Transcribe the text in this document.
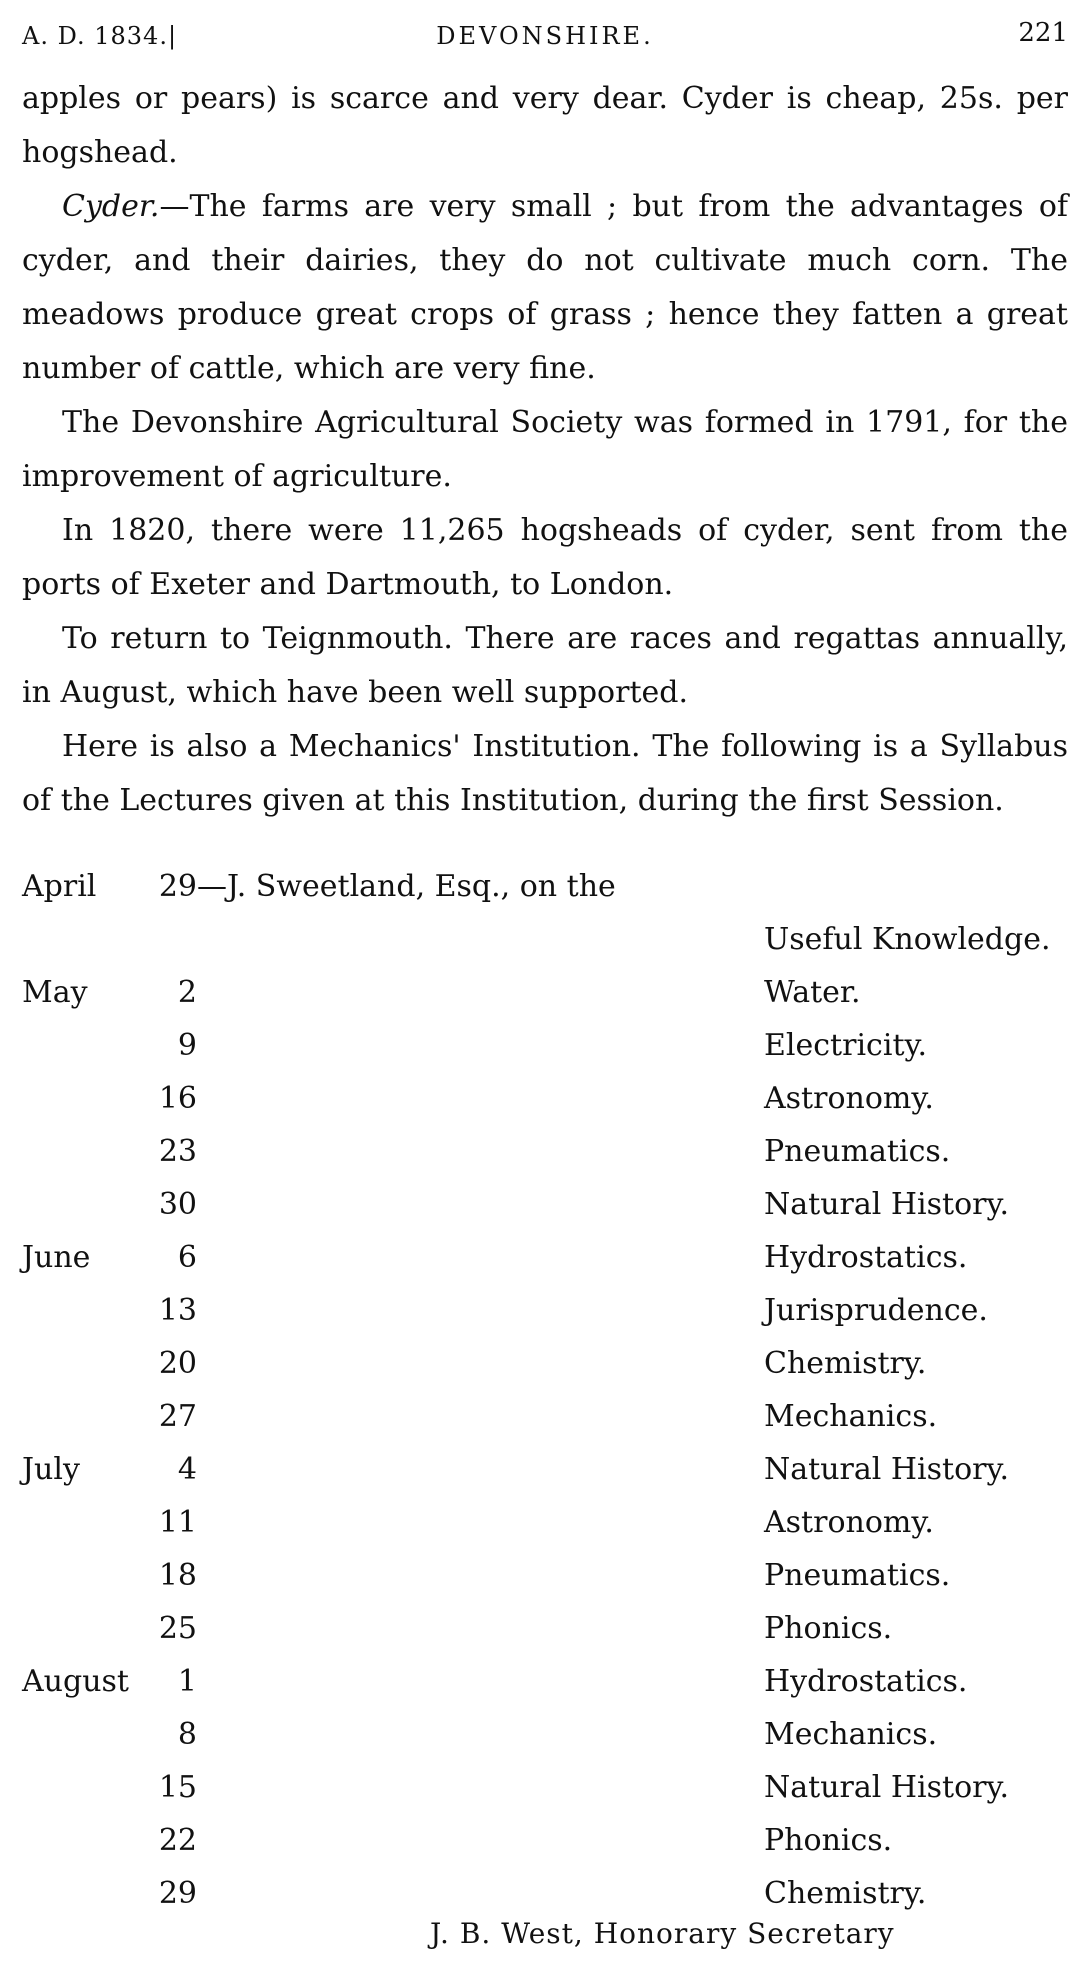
A. D. 1834.|	DEVONSHIRE.	221

apples or pears) is scarce and very dear. Cyder is cheap, 25s. per hogshead.

Cyder.—The farms are very small ; but from the advantages of cyder, and their dairies, they do not cultivate much corn. The meadows produce great crops of grass ; hence they fatten a great number of cattle, which are very fine.

The Devonshire Agricultural Society was formed in 1791, for the improvement of agriculture.

In 1820, there were 11,265 hogsheads of cyder, sent from the ports of Exeter and Dartmouth, to London.

To return to Teignmouth. There are races and regattas annually, in August, which have been well supported.

Here is also a Mechanics' Institution. The following is a Syllabus of the Lectures given at this Institution, during the first Session.

April	29 —J. Sweetland, Esq., on the
Useful Knowledge.
May	2	Water.
9	Electricity.
16	Astronomy.
23	Pneumatics.
30	Natural History.
June	6	Hydrostatics.
13	Jurisprudence.
20	Chemistry.
27	Mechanics.
July	4	Natural History.
11	Astronomy.
18	Pneumatics.
25	Phonics.
August	1	Hydrostatics.
8	Mechanics.
15	Natural History.
22	Phonics.
29	Chemistry.
J. B. West, Honorary Secretary
